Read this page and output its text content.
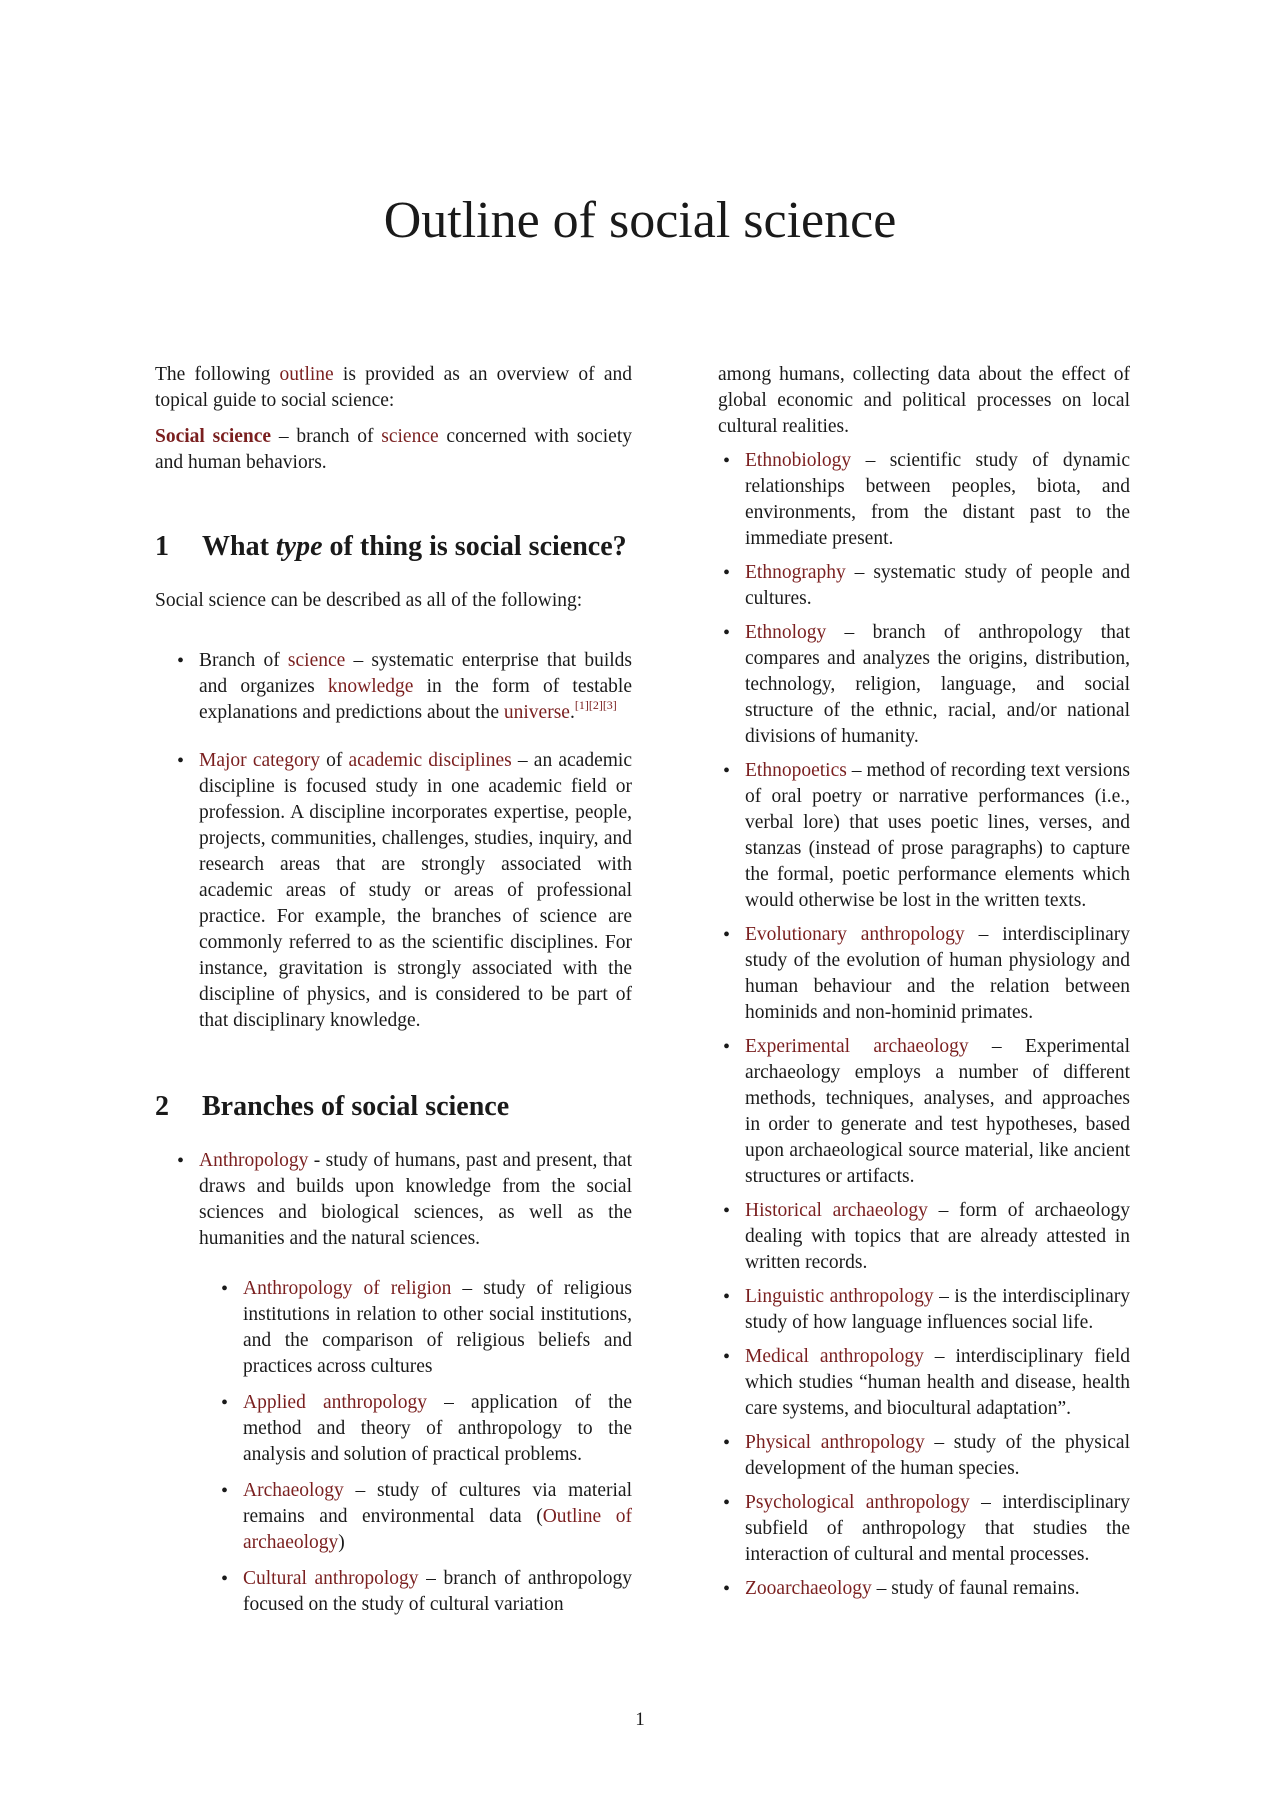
Outline of social science

The following outline is provided as an overview of and topical guide to social science:

Social science – branch of science concerned with society and human behaviors.

1	What type of thing is social science?

Social science can be described as all of the following:

• Branch of science – systematic enterprise that builds and organizes knowledge in the form of testable explanations and predictions about the universe.[1][2][3]
• Major category of academic disciplines – an academic discipline is focused study in one academic field or profession. A discipline incorporates expertise, people, projects, communities, challenges, studies, inquiry, and research areas that are strongly associated with academic areas of study or areas of professional practice. For example, the branches of science are commonly referred to as the scientific disciplines. For instance, gravitation is strongly associated with the discipline of physics, and is considered to be part of that disciplinary knowledge.
2	Branches of social science
• Anthropology - study of humans, past and present, that draws and builds upon knowledge from the social sciences and biological sciences, as well as the humanities and the natural sciences.
• Anthropology of religion – study of religious institutions in relation to other social institutions, and the comparison of religious beliefs and practices across cultures
• Applied anthropology – application of the method and theory of anthropology to the analysis and solution of practical problems.
• Archaeology – study of cultures via material remains and environmental data (Outline of archaeology)
• Cultural anthropology – branch of anthropology focused on the study of cultural variation

among humans, collecting data about the effect of global economic and political processes on local cultural realities.

• Ethnobiology – scientific study of dynamic relationships between peoples, biota, and environments, from the distant past to the immediate present.
• Ethnography – systematic study of people and cultures.
• Ethnology – branch of anthropology that compares and analyzes the origins, distribution, technology, religion, language, and social structure of the ethnic, racial, and/or national divisions of humanity.
• Ethnopoetics – method of recording text versions of oral poetry or narrative performances (i.e., verbal lore) that uses poetic lines, verses, and stanzas (instead of prose paragraphs) to capture the formal, poetic performance elements which would otherwise be lost in the written texts.
• Evolutionary anthropology – interdisciplinary study of the evolution of human physiology and human behaviour and the relation between hominids and non-hominid primates.
• Experimental archaeology – Experimental archaeology employs a number of different methods, techniques, analyses, and approaches in order to generate and test hypotheses, based upon archaeological source material, like ancient structures or artifacts.
• Historical archaeology – form of archaeology dealing with topics that are already attested in written records.
• Linguistic anthropology – is the interdisciplinary study of how language influences social life.
• Medical anthropology – interdisciplinary field which studies “human health and disease, health care systems, and biocultural adaptation”.
• Physical anthropology – study of the physical development of the human species.
• Psychological anthropology – interdisciplinary subfield of anthropology that studies the interaction of cultural and mental processes.
• Zooarchaeology – study of faunal remains.
1
